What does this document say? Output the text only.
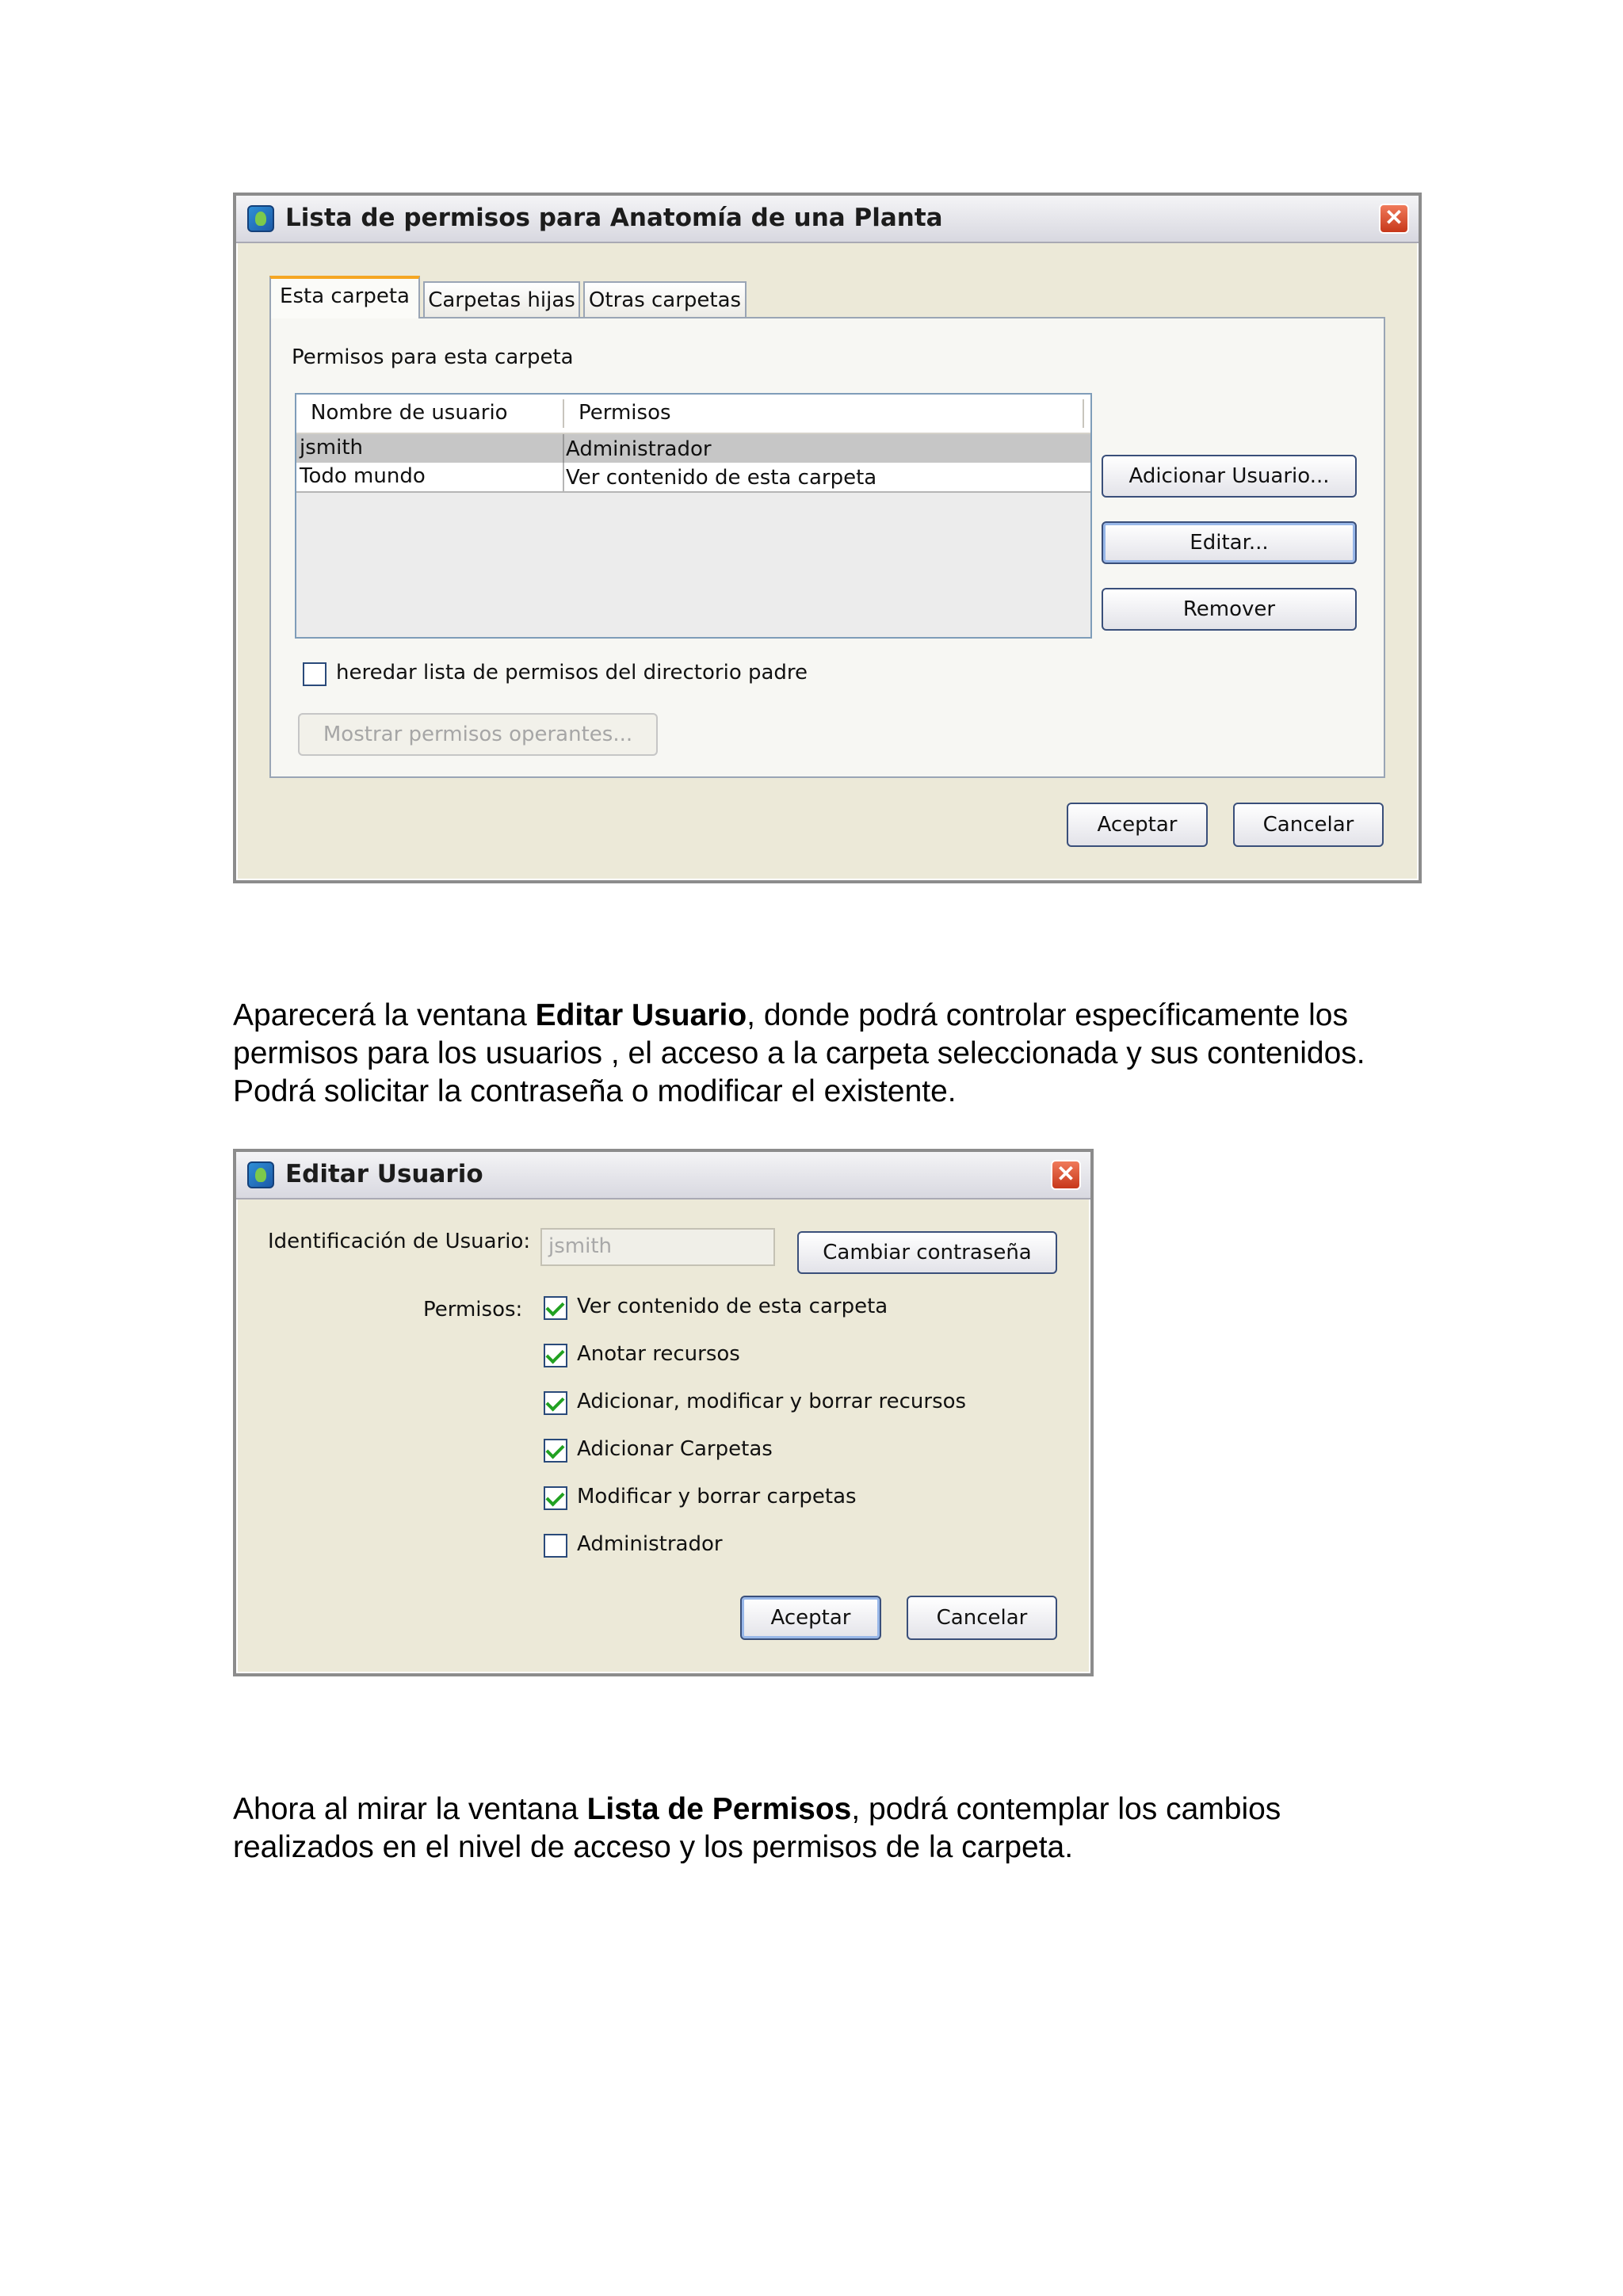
Lista de permisos para Anatomía de una Planta	✕
Esta carpeta Carpetas hijas Otras carpetas
Permisos para esta carpeta
Nombre de usuario	Permisos
jsmith	Administrador
Todo mundo	Ver contenido de esta carpeta	Adicionar Usuario...
Editar...
Remover
heredar lista de permisos del directorio padre
Mostrar permisos operantes...
Aceptar	Cancelar
Aparecerá la ventana Editar Usuario, donde podrá controlar específicamente los permisos para los usuarios , el acceso a la carpeta seleccionada y sus contenidos. Podrá solicitar la contraseña o modificar el existente.
Editar Usuario	✕
Identificación de Usuario: jsmith	Cambiar contraseña
Permisos:	Ver contenido de esta carpeta
Anotar recursos
Adicionar, modificar y borrar recursos
Adicionar Carpetas
Modificar y borrar carpetas
Administrador
Aceptar	Cancelar
Ahora al mirar la ventana Lista de Permisos, podrá contemplar los cambios realizados en el nivel de acceso y los permisos de la carpeta.
